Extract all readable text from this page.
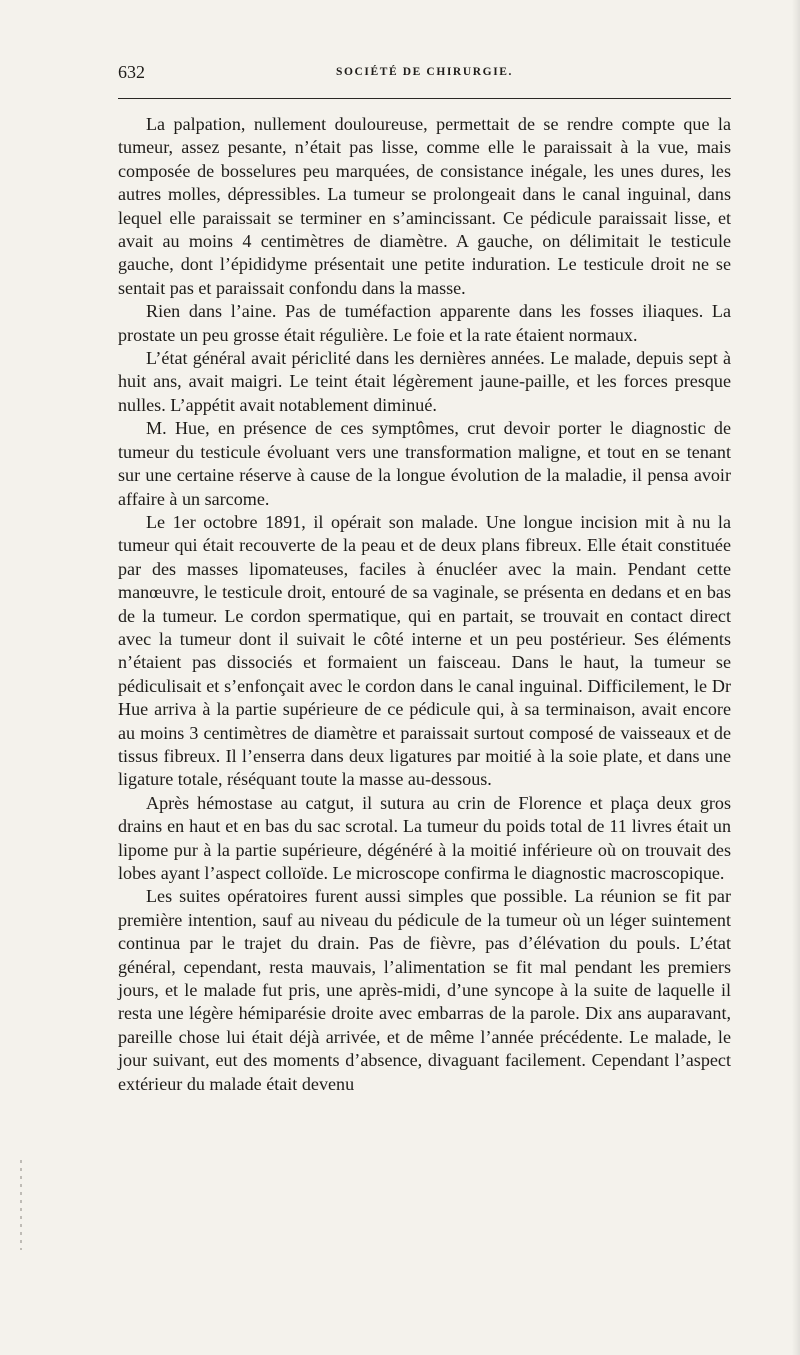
632	SOCIÉTÉ DE CHIRURGIE.

La palpation, nullement douloureuse, permettait de se rendre compte que la tumeur, assez pesante, n’était pas lisse, comme elle le paraissait à la vue, mais composée de bosselures peu marquées, de consistance inégale, les unes dures, les autres molles, dépressibles. La tumeur se prolongeait dans le canal inguinal, dans lequel elle paraissait se terminer en s’amincissant. Ce pédicule paraissait lisse, et avait au moins 4 centimètres de diamètre. A gauche, on délimitait le testicule gauche, dont l’épididyme présentait une petite induration. Le testicule droit ne se sentait pas et paraissait confondu dans la masse.

Rien dans l’aine. Pas de tuméfaction apparente dans les fosses iliaques. La prostate un peu grosse était régulière. Le foie et la rate étaient normaux.

L’état général avait périclité dans les dernières années. Le malade, depuis sept à huit ans, avait maigri. Le teint était légèrement jaune-paille, et les forces presque nulles. L’appétit avait notablement diminué.

M. Hue, en présence de ces symptômes, crut devoir porter le diagnostic de tumeur du testicule évoluant vers une transformation maligne, et tout en se tenant sur une certaine réserve à cause de la longue évolution de la maladie, il pensa avoir affaire à un sarcome.

Le 1er octobre 1891, il opérait son malade. Une longue incision mit à nu la tumeur qui était recouverte de la peau et de deux plans fibreux. Elle était constituée par des masses lipomateuses, faciles à énucléer avec la main. Pendant cette manœuvre, le testicule droit, entouré de sa vaginale, se présenta en dedans et en bas de la tumeur. Le cordon spermatique, qui en partait, se trouvait en contact direct avec la tumeur dont il suivait le côté interne et un peu postérieur. Ses éléments n’étaient pas dissociés et formaient un faisceau. Dans le haut, la tumeur se pédiculisait et s’enfonçait avec le cordon dans le canal inguinal. Difficilement, le Dr Hue arriva à la partie supérieure de ce pédicule qui, à sa terminaison, avait encore au moins 3 centimètres de diamètre et paraissait surtout composé de vaisseaux et de tissus fibreux. Il l’enserra dans deux ligatures par moitié à la soie plate, et dans une ligature totale, réséquant toute la masse au-dessous.

Après hémostase au catgut, il sutura au crin de Florence et plaça deux gros drains en haut et en bas du sac scrotal. La tumeur du poids total de 11 livres était un lipome pur à la partie supérieure, dégénéré à la moitié inférieure où on trouvait des lobes ayant l’aspect colloïde. Le microscope confirma le diagnostic macroscopique.

Les suites opératoires furent aussi simples que possible. La réunion se fit par première intention, sauf au niveau du pédicule de la tumeur où un léger suintement continua par le trajet du drain. Pas de fièvre, pas d’élévation du pouls. L’état général, cependant, resta mauvais, l’alimentation se fit mal pendant les premiers jours, et le malade fut pris, une après-midi, d’une syncope à la suite de laquelle il resta une légère hémiparésie droite avec embarras de la parole. Dix ans auparavant, pareille chose lui était déjà arrivée, et de même l’année précédente. Le malade, le jour suivant, eut des moments d’absence, divaguant facilement. Cependant l’aspect extérieur du malade était devenu
